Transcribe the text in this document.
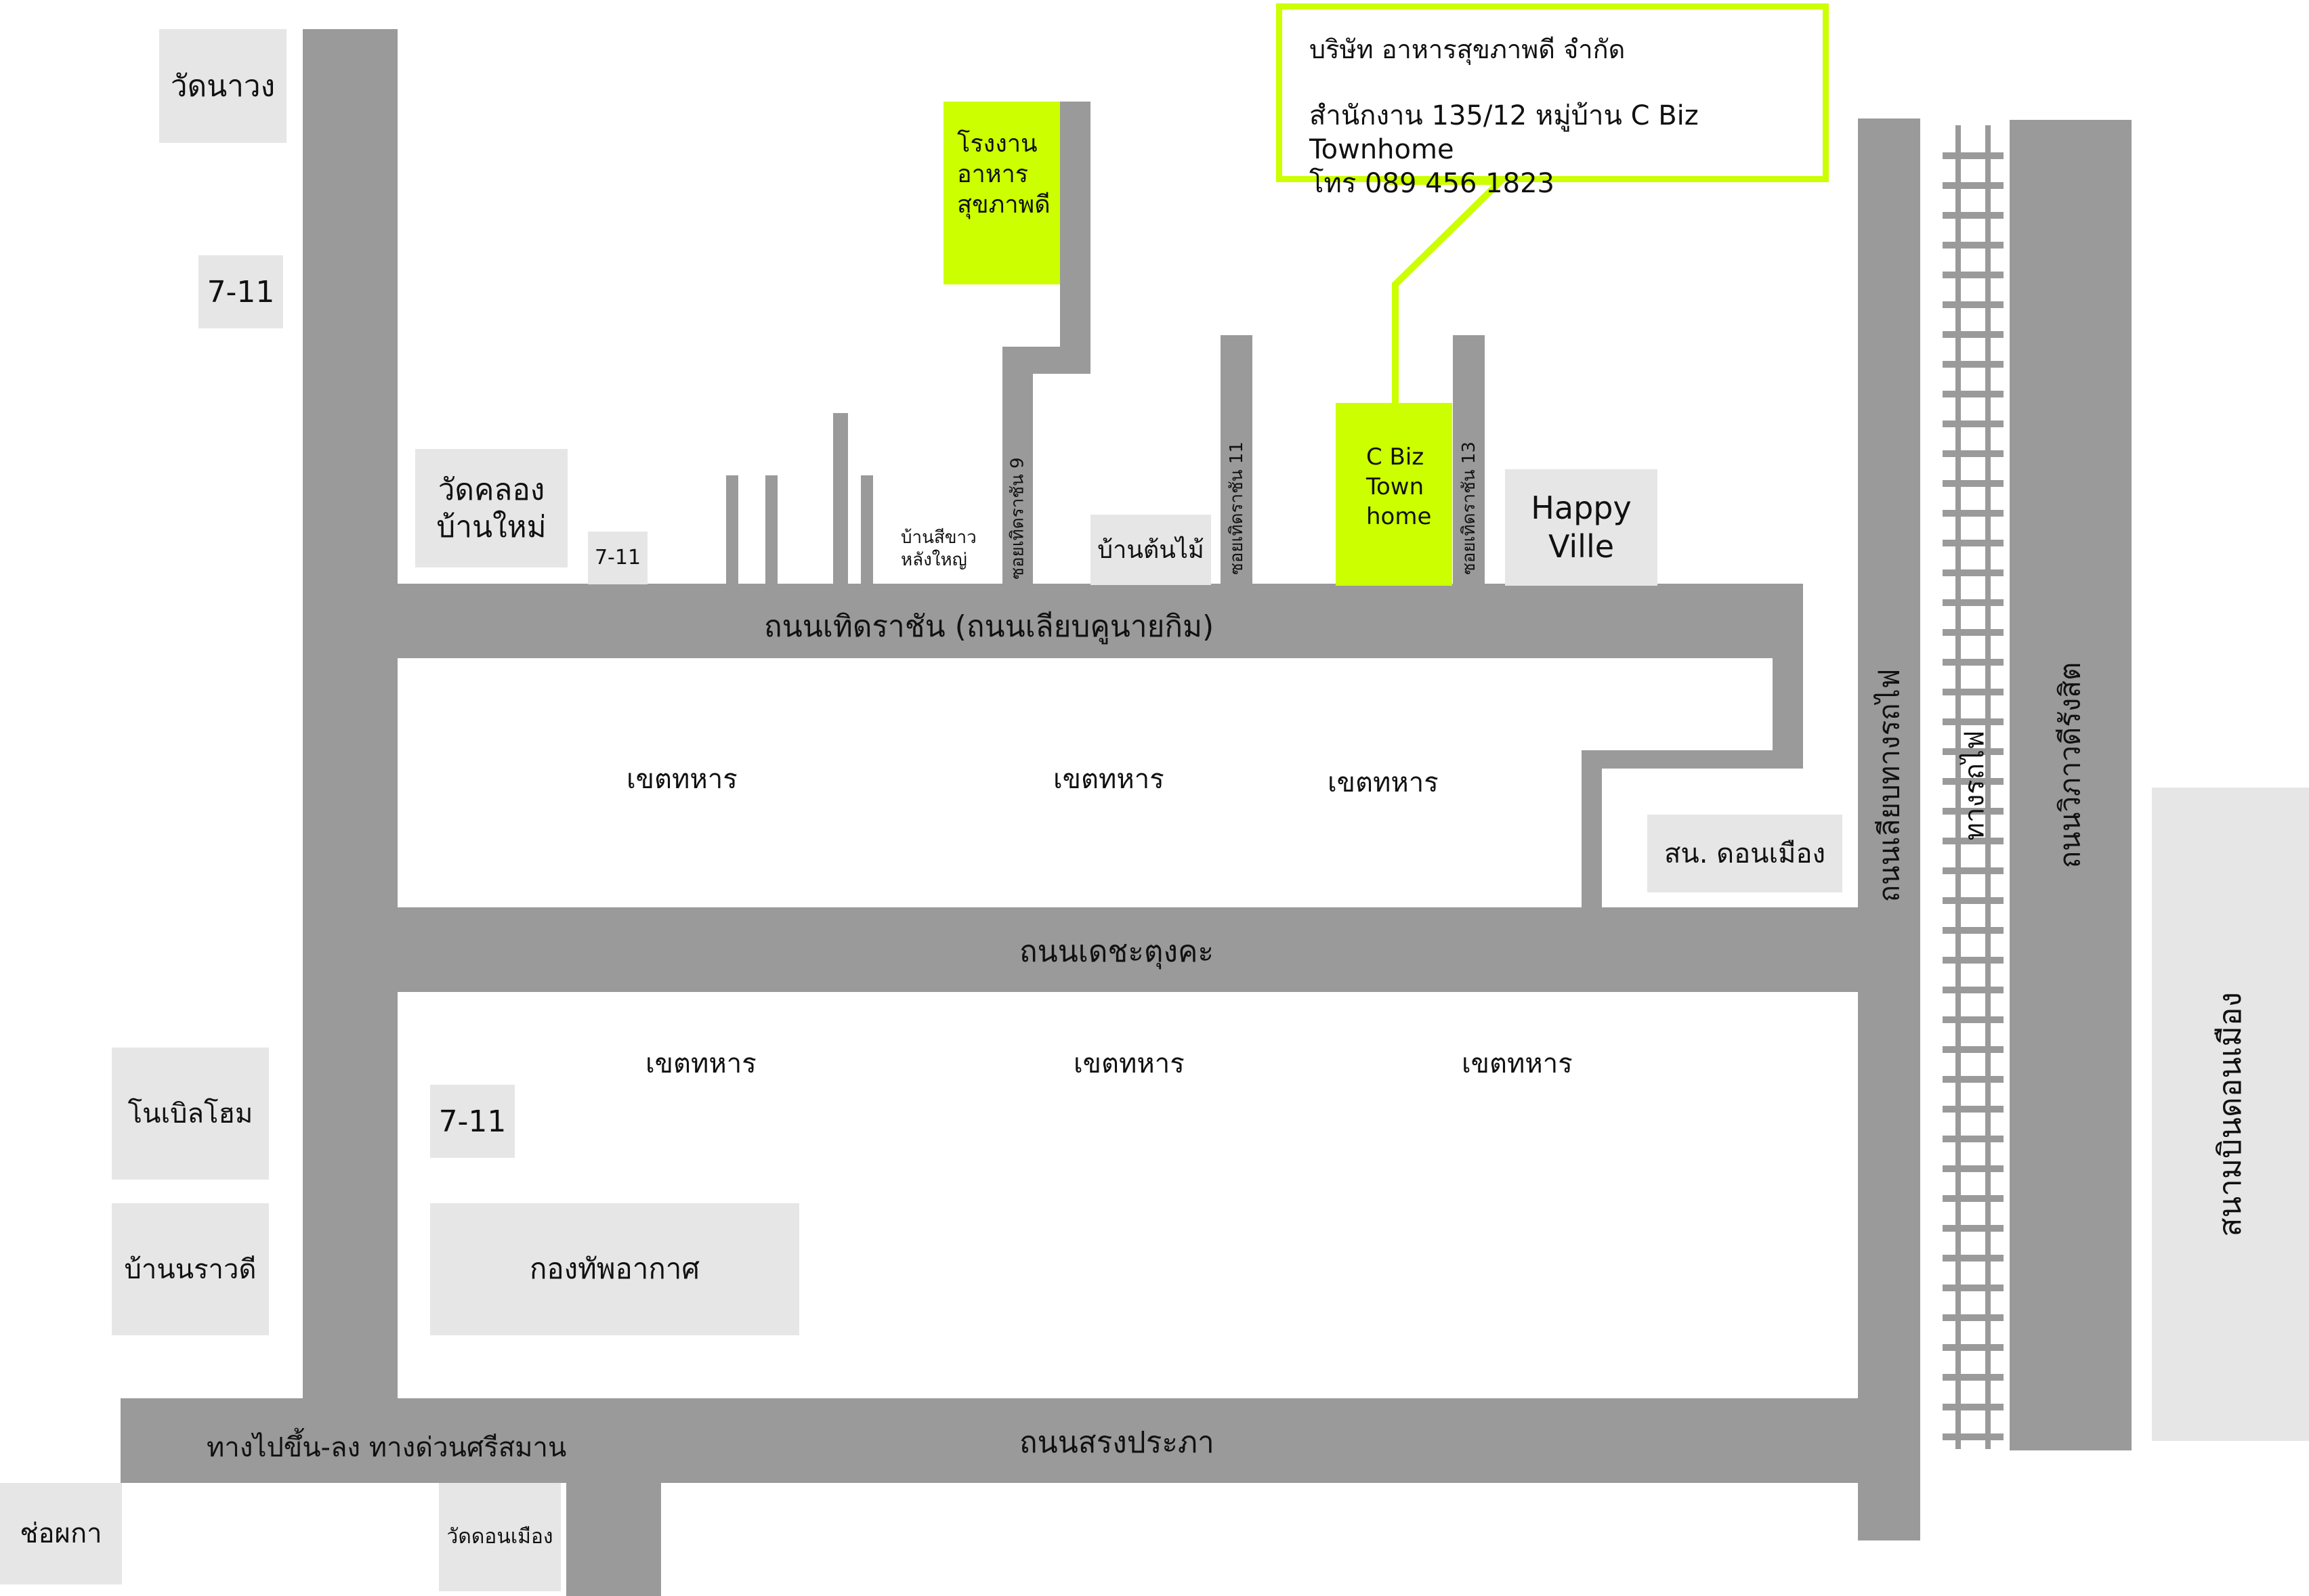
วัดนาวง
7-11
วัดคลอง
บ้านใหม่
7-11	บ้านต้นไม้
Happy
Ville
สน. ดอนเมือง
โนเบิลโฮม	7-11
บ้านนราวดี	กองทัพอากาศ
วัดดอนเมือง
ช่อผกา
สนามบินดอนเมือง
โรงงาน
อาหาร
สุขภาพดี
C Biz
Town
home
บริษัท อาหารสุขภาพดี จำกัด
สำนักงาน 135/12 หมู่บ้าน C Biz Townhome
โทร 089 456 1823
ถนนเทิดราชัน (ถนนเลียบคูนายกิม)
ถนนเดชะตุงคะ
ถนนสรงประภา
ทางไปขึ้น-ลง ทางด่วนศรีสมาน
ถนนเลียบทางรถไฟ ทางรถไฟ ถนนวิภาวดีรังสิต
ซอยเทิดราชัน 9	ซอยเทิดราชัน 11	ซอยเทิดราชัน 13
บ้านสีขาว
หลังใหญ่
เขตทหาร	เขตทหาร	เขตทหาร
เขตทหาร	เขตทหาร	เขตทหาร
